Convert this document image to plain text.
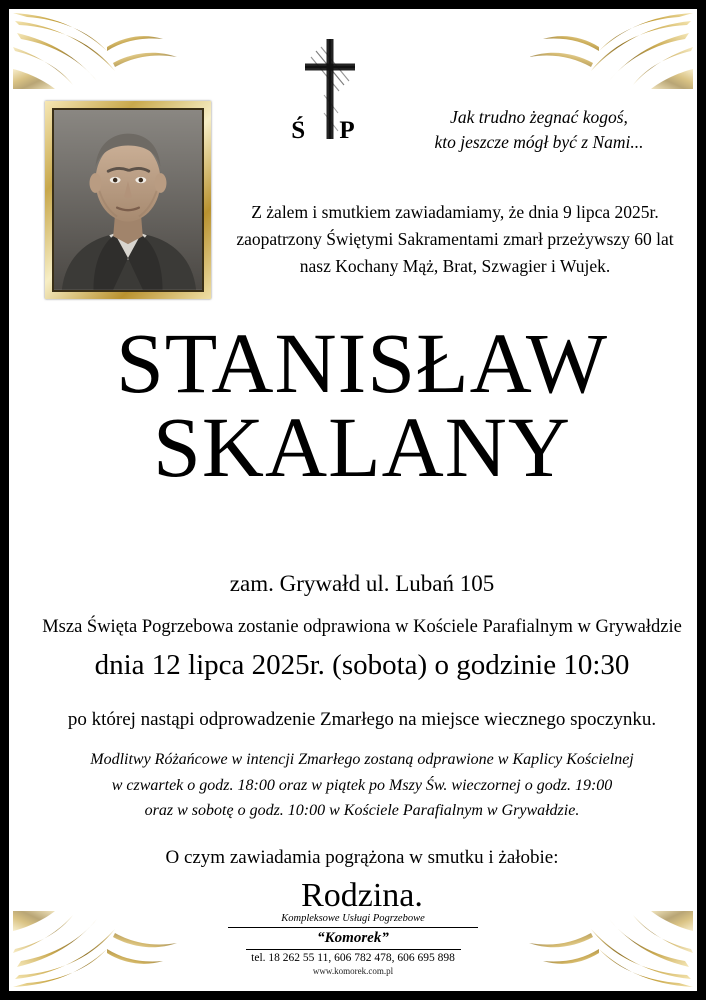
Ś P	Jak trudno żegnać kogoś,
kto jeszcze mógł być z Nami...
Z żalem i smutkiem zawiadamiamy, że dnia 9 lipca 2025r.
zaopatrzony Świętymi Sakramentami zmarł przeżywszy 60 lat
nasz Kochany Mąż, Brat, Szwagier i Wujek.
STANISŁAW
SKALANY
zam. Grywałd ul. Lubań 105
Msza Święta Pogrzebowa zostanie odprawiona w Kościele Parafialnym w Grywałdzie
dnia 12 lipca 2025r. (sobota) o godzinie 10:30
po której nastąpi odprowadzenie Zmarłego na miejsce wiecznego spoczynku.
Modlitwy Różańcowe w intencji Zmarłego zostaną odprawione w Kaplicy Kościelnej
w czwartek o godz. 18:00 oraz w piątek po Mszy Św. wieczornej o godz. 19:00
oraz w sobotę o godz. 10:00 w Kościele Parafialnym w Grywałdzie.
O czym zawiadamia pogrążona w smutku i żałobie:
Rodzina.
Kompleksowe Usługi Pogrzebowe
“Komorek”
tel. 18 262 55 11, 606 782 478, 606 695 898
www.komorek.com.pl
